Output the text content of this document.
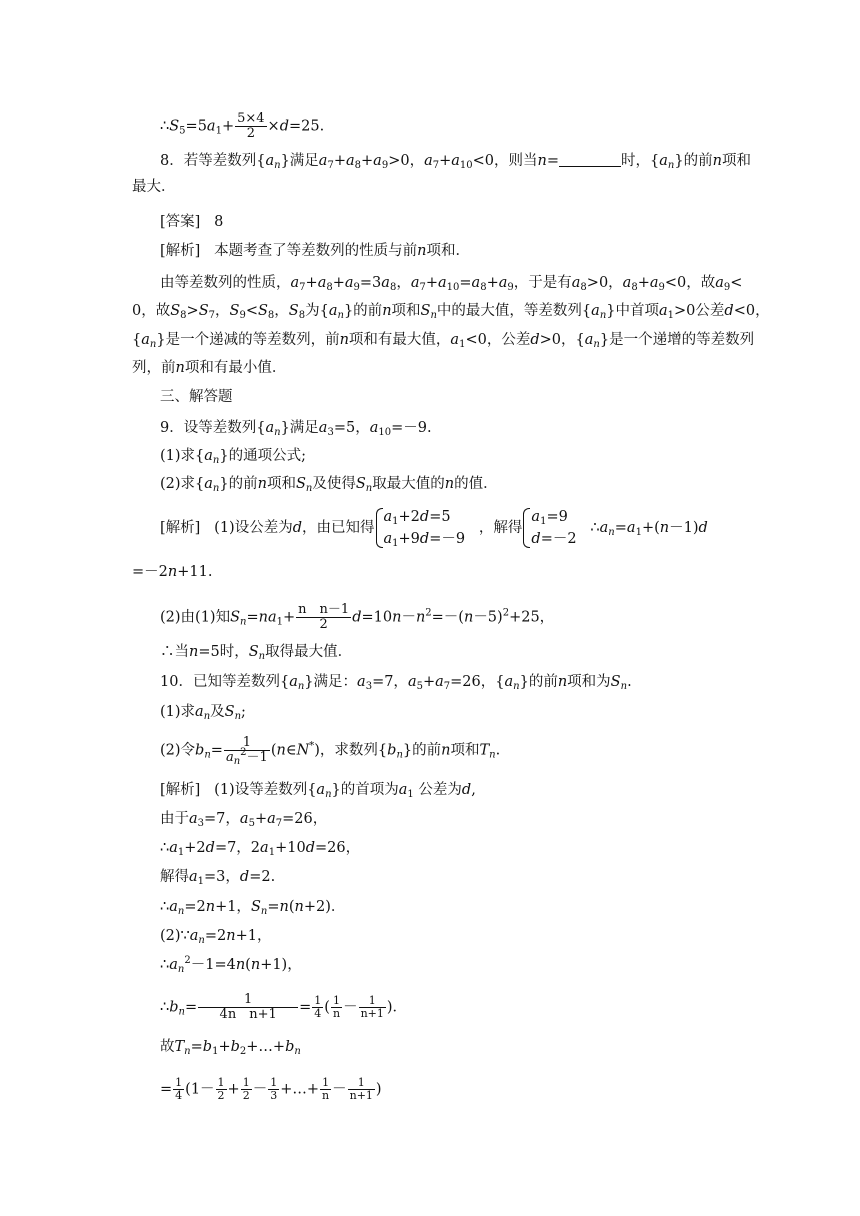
$\therefore S_5=5a_1+ \frac{5\times 4}{2} \times d=25$.
8．若等差数列$\{a_n\}$满足$a_7+a_8+a_9>0$，$a_7+a_{10}<0$，则当n=	时，$\{a_n\}$的前n项和
最大．
[答案] 8
[解析] 本题考查了等差数列的性质与前n项和．
由等差数列的性质，$a_7+a_8+a_9=3a_8$，$a_7+a_{10}=a_8+a_9$，于是有$a_8>0$，$a_8+a_9<0$，故$a_9<$
0，故$S_8>S_7$，$S_9<S_8$，$S_8$为$\{a_n\}$的前n项和$S_n$中的最大值，等差数列$\{a_n\}$中首项$a_1>0$公差d<0，
$\{a_n\}$是一个递减的等差数列，前n项和有最大值，$a_1<0$，公差d>0，$\{a_n\}$是一个递增的等差数列
列，前n项和有最小值．
三、解答题
9．设等差数列$\{a_n\}$满足$a_3=5$，$a_{10}=-9$.
(1)求$\{a_n\}$的通项公式;
(2)求$\{a_n\}$的前n项和$S_n$及使得$S_n$取最大值的n的值．
[解析] (1)设公差为d，由已知得
$a_1+2d=5$
$a_1+9d=-9$
，解得
$a_1=9$
d=－2
$\therefore a_n=a_1+(n-1)d$
=－2n+11.
(2)由(1)知$S_n=na_1+ \frac{\text{n　n－1}}{2} d=10n-n^2=-(n-5)^2+25$，
∴当n=5时，$S_n$取得最大值．
10．已知等差数列$\{a_n\}$满足：$a_3=7$，$a_5+a_7=26$，$\{a_n\}$的前n项和为$S_n$.
(1)求$a_n$及$S_n$;
(2)令$b_n= \frac{1}{a_n^2-1}$ (n∈N*)，求数列$\{b_n\}$的前n项和$T_n$.
[解析] (1)设等差数列$\{a_n\}$的首项为$a_1$ 公差为d,
由于$a_3=7$，$a_5+a_7=26$，
$\therefore a_1+2d=7$，$2a_1+10d=26$，
解得$a_1=3$，d=2.
$\therefore a_n=2n+1$，$S_n=n(n+2)$．
$(2)\because a_n=2n+1$，
$\therefore a_n^2-1=4n(n+1)$，
$\therefore b_n= \frac{1}{\text{4n　n+1}} = \frac{1}{4}$ ( $\frac{1}{n} - \frac{1}{n+1}$ )．
故$T_n=b_1+b_2+\dots+b_n$
= $\frac{1}{4} (1- \frac{1}{2} + \frac{1}{2} - \frac{1}{3}$ +…+ $\frac{1}{n} - \frac{1}{n+1}$ )
